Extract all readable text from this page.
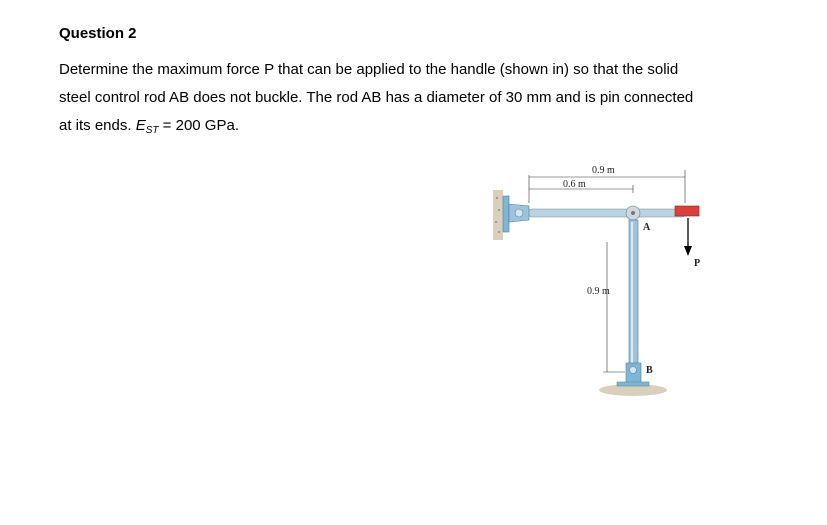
Question 2
Determine the maximum force P that can be applied to the handle (shown in) so that the solid
steel control rod AB does not buckle. The rod AB has a diameter of 30 mm and is pin connected
at its ends. $E_{ST} = 200$ GPa.
0.9 m
0.6 m
0.9 m
A
B
P
